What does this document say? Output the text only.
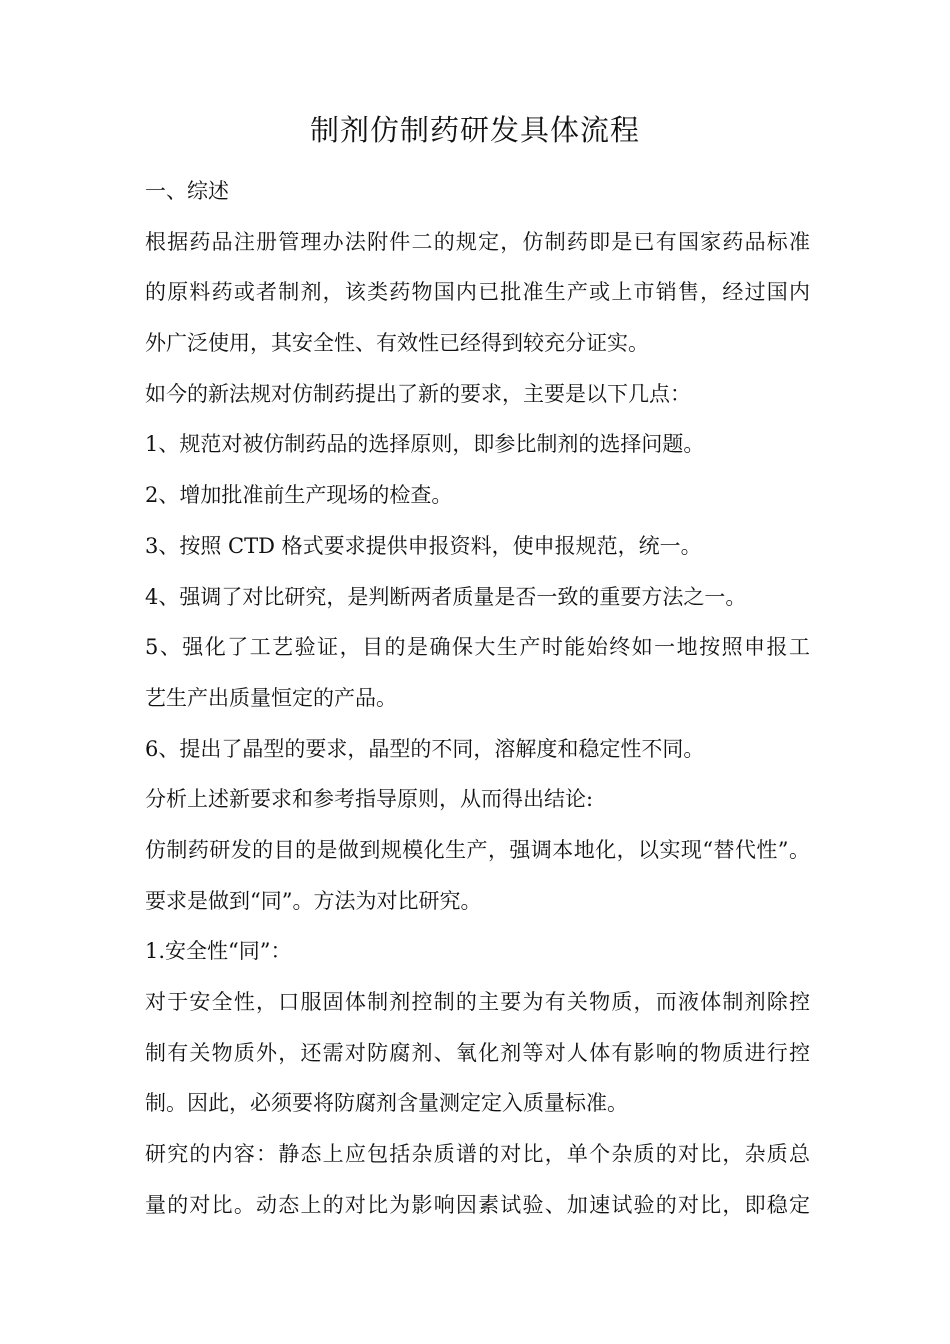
制剂仿制药研发具体流程
一、综述
根据药品注册管理办法附件二的规定，仿制药即是已有国家药品标准
的原料药或者制剂，该类药物国内已批准生产或上市销售，经过国内
外广泛使用，其安全性、有效性已经得到较充分证实。
如今的新法规对仿制药提出了新的要求，主要是以下几点：
1、规范对被仿制药品的选择原则，即参比制剂的选择问题。
2、增加批准前生产现场的检查。
3、按照 CTD 格式要求提供申报资料，使申报规范，统一。
4、强调了对比研究，是判断两者质量是否一致的重要方法之一。
5、强化了工艺验证，目的是确保大生产时能始终如一地按照申报工
艺生产出质量恒定的产品。
6、提出了晶型的要求，晶型的不同，溶解度和稳定性不同。
分析上述新要求和参考指导原则，从而得出结论:
仿制药研发的目的是做到规模化生产，强调本地化，以实现“替代性”。
要求是做到“同”。方法为对比研究。
1.安全性“同”：
对于安全性，口服固体制剂控制的主要为有关物质，而液体制剂除控
制有关物质外，还需对防腐剂、氧化剂等对人体有影响的物质进行控
制。因此，必须要将防腐剂含量测定定入质量标准。
研究的内容：静态上应包括杂质谱的对比，单个杂质的对比，杂质总
量的对比。动态上的对比为影响因素试验、加速试验的对比，即稳定
